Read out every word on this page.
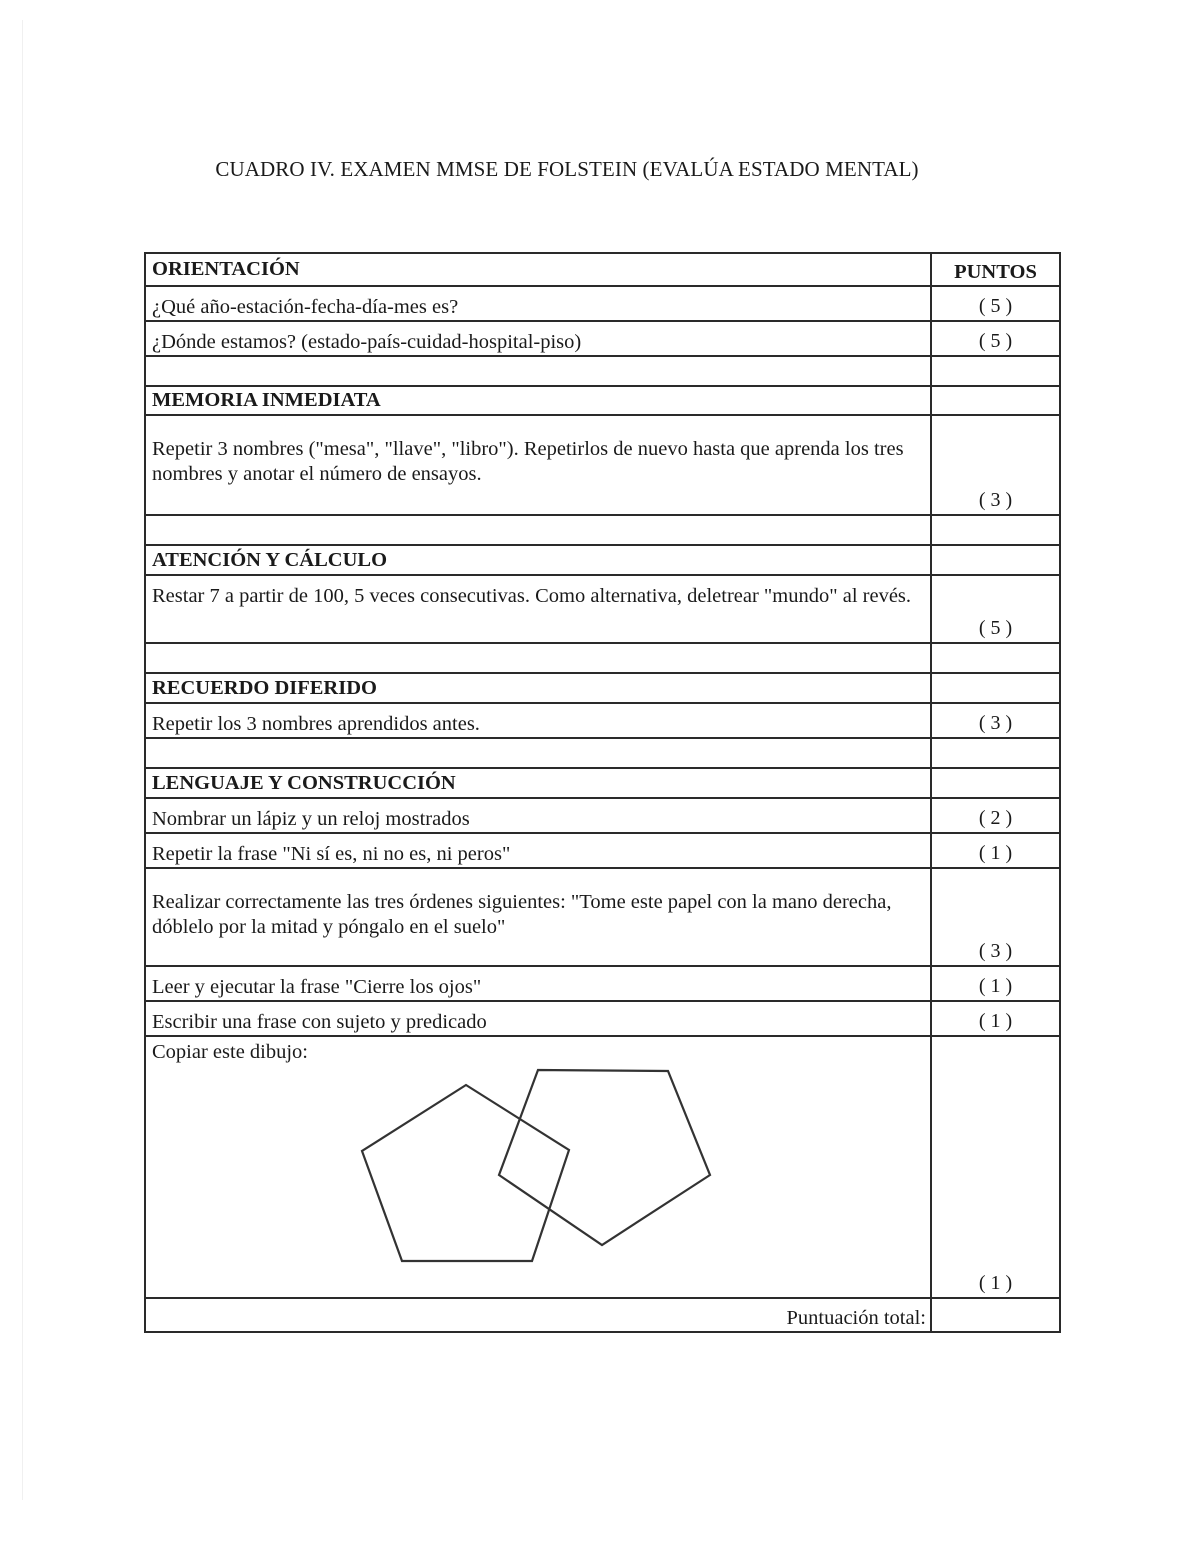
CUADRO IV. EXAMEN MMSE DE FOLSTEIN (EVALÚA ESTADO MENTAL)
ORIENTACIÓN	PUNTOS
¿Qué año-estación-fecha-día-mes es?	( 5 )
¿Dónde estamos? (estado-país-cuidad-hospital-piso)	( 5 )

MEMORIA INMEDIATA	
Repetir 3 nombres ("mesa", "llave", "libro"). Repetirlos de nuevo hasta que aprenda los tres nombres y anotar el número de ensayos.	( 3 )

ATENCIÓN Y CÁLCULO	
Restar 7 a partir de 100, 5 veces consecutivas. Como alternativa, deletrear "mundo" al revés.	( 5 )

RECUERDO DIFERIDO	
Repetir los 3 nombres aprendidos antes.	( 3 )

LENGUAJE Y CONSTRUCCIÓN	
Nombrar un lápiz y un reloj mostrados	( 2 )
Repetir la frase "Ni sí es, ni no es, ni peros"	( 1 )
Realizar correctamente las tres órdenes siguientes: "Tome este papel con la mano derecha, dóblelo por la mitad y póngalo en el suelo"	( 3 )
Leer y ejecutar la frase "Cierre los ojos"	( 1 )
Escribir una frase con sujeto y predicado	( 1 )

Copiar este dibujo:	( 1 )
Puntuación total:	
